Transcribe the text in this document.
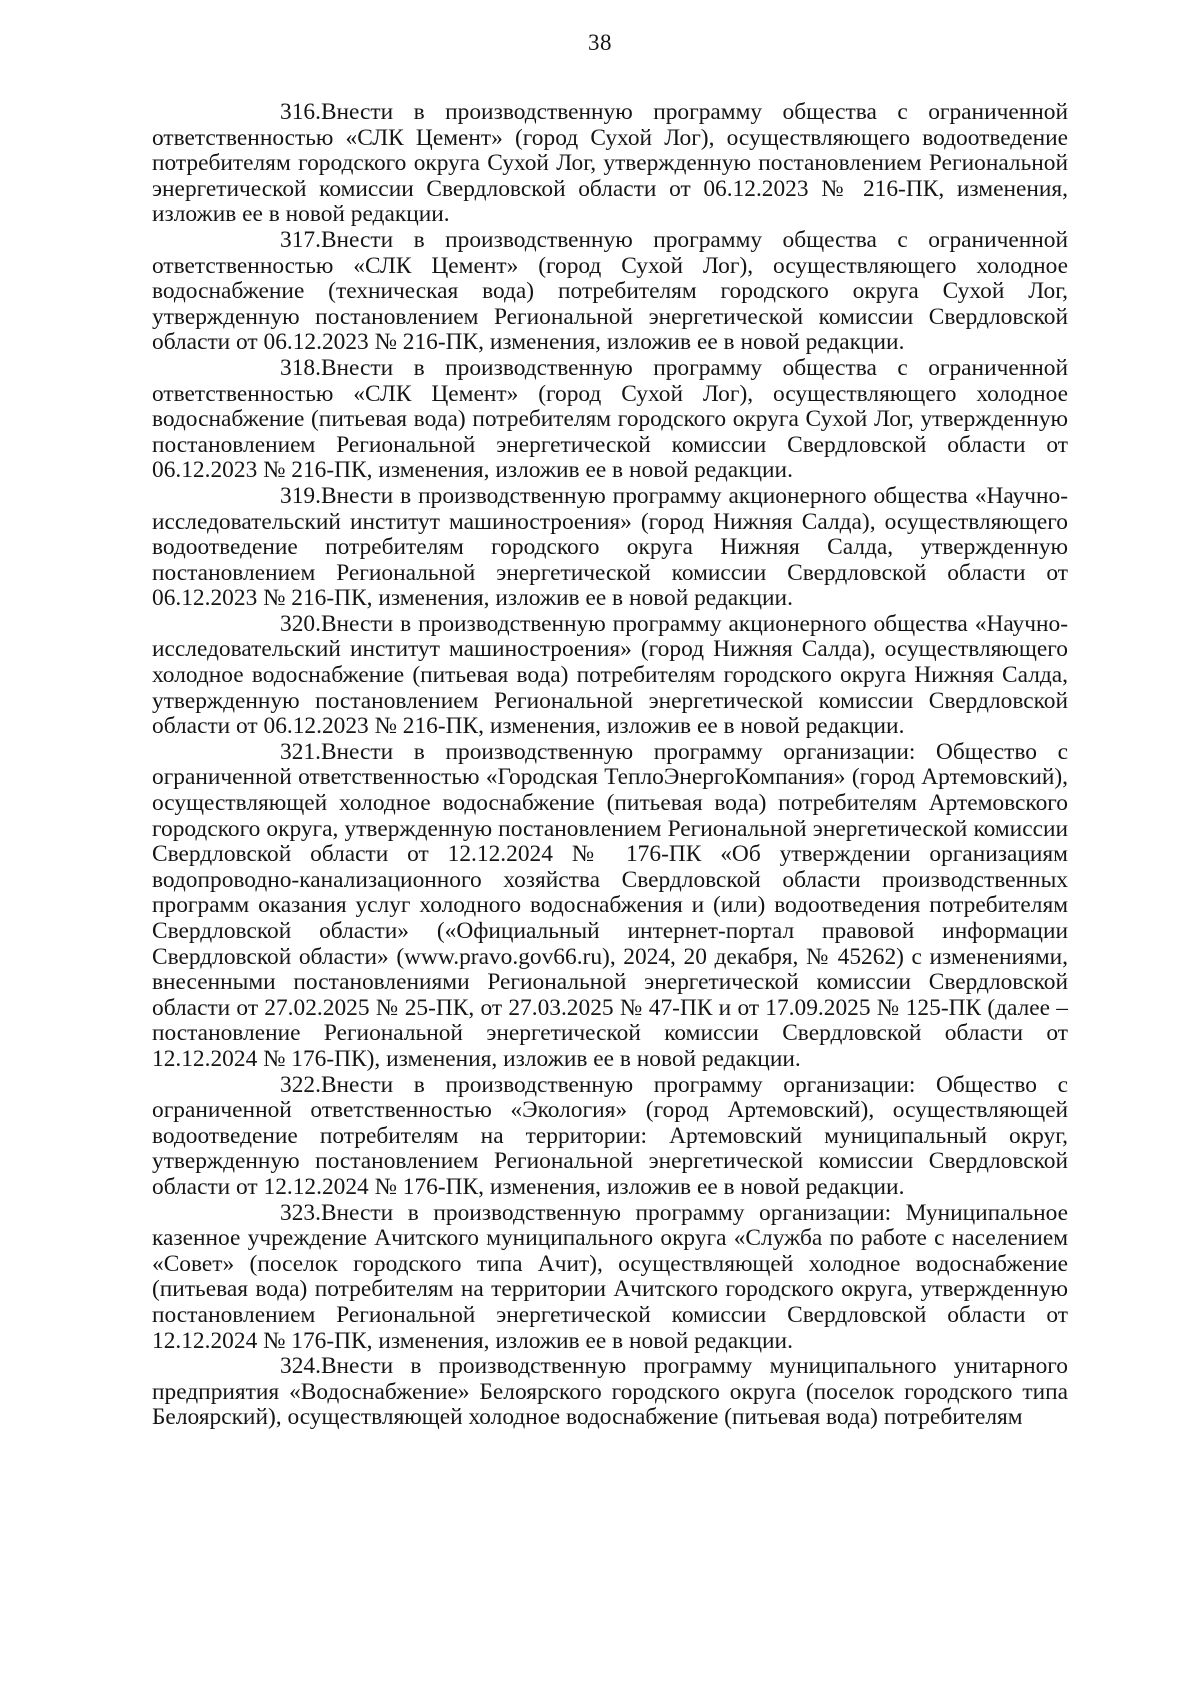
38

316.Внести в производственную программу общества с ограниченной ответственностью «СЛК Цемент» (город Сухой Лог), осуществляющего водоотведение потребителям городского округа Сухой Лог, утвержденную постановлением Региональной энергетической комиссии Свердловской области от 06.12.2023 № 216-ПК, изменения, изложив ее в новой редакции.

317.Внести в производственную программу общества с ограниченной ответственностью «СЛК Цемент» (город Сухой Лог), осуществляющего холодное водоснабжение (техническая вода) потребителям городского округа Сухой Лог, утвержденную постановлением Региональной энергетической комиссии Свердловской области от 06.12.2023 № 216-ПК, изменения, изложив ее в новой редакции.

318.Внести в производственную программу общества с ограниченной ответственностью «СЛК Цемент» (город Сухой Лог), осуществляющего холодное водоснабжение (питьевая вода) потребителям городского округа Сухой Лог, утвержденную постановлением Региональной энергетической комиссии Свердловской области от 06.12.2023 № 216-ПК, изменения, изложив ее в новой редакции.

319.Внести в производственную программу акционерного общества «Научно-исследовательский институт машиностроения» (город Нижняя Салда), осуществляющего водоотведение потребителям городского округа Нижняя Салда, утвержденную постановлением Региональной энергетической комиссии Свердловской области от 06.12.2023 № 216-ПК, изменения, изложив ее в новой редакции.

320.Внести в производственную программу акционерного общества «Научно-исследовательский институт машиностроения» (город Нижняя Салда), осуществляющего холодное водоснабжение (питьевая вода) потребителям городского округа Нижняя Салда, утвержденную постановлением Региональной энергетической комиссии Свердловской области от 06.12.2023 № 216-ПК, изменения, изложив ее в новой редакции.

321.Внести в производственную программу организации: Общество с ограниченной ответственностью «Городская ТеплоЭнергоКомпания» (город Артемовский), осуществляющей холодное водоснабжение (питьевая вода) потребителям Артемовского городского округа, утвержденную постановлением Региональной энергетической комиссии Свердловской области от 12.12.2024 № 176-ПК «Об утверждении организациям водопроводно-канализационного хозяйства Свердловской области производственных программ оказания услуг холодного водоснабжения и (или) водоотведения потребителям Свердловской области» («Официальный интернет-портал правовой информации Свердловской области» (www.pravo.gov66.ru), 2024, 20 декабря, № 45262) с изменениями, внесенными постановлениями Региональной энергетической комиссии Свердловской области от 27.02.2025 № 25-ПК, от 27.03.2025 № 47-ПК и от 17.09.2025 № 125-ПК (далее – постановление Региональной энергетической комиссии Свердловской области от 12.12.2024 № 176-ПК), изменения, изложив ее в новой редакции.

322.Внести в производственную программу организации: Общество с ограниченной ответственностью «Экология» (город Артемовский), осуществляющей водоотведение потребителям на территории: Артемовский муниципальный округ, утвержденную постановлением Региональной энергетической комиссии Свердловской области от 12.12.2024 № 176-ПК, изменения, изложив ее в новой редакции.

323.Внести в производственную программу организации: Муниципальное казенное учреждение Ачитского муниципального округа «Служба по работе с населением «Совет» (поселок городского типа Ачит), осуществляющей холодное водоснабжение (питьевая вода) потребителям на территории Ачитского городского округа, утвержденную постановлением Региональной энергетической комиссии Свердловской области от 12.12.2024 № 176-ПК, изменения, изложив ее в новой редакции.

324.Внести в производственную программу муниципального унитарного предприятия «Водоснабжение» Белоярского городского округа (поселок городского типа Белоярский), осуществляющей холодное водоснабжение (питьевая вода) потребителям
